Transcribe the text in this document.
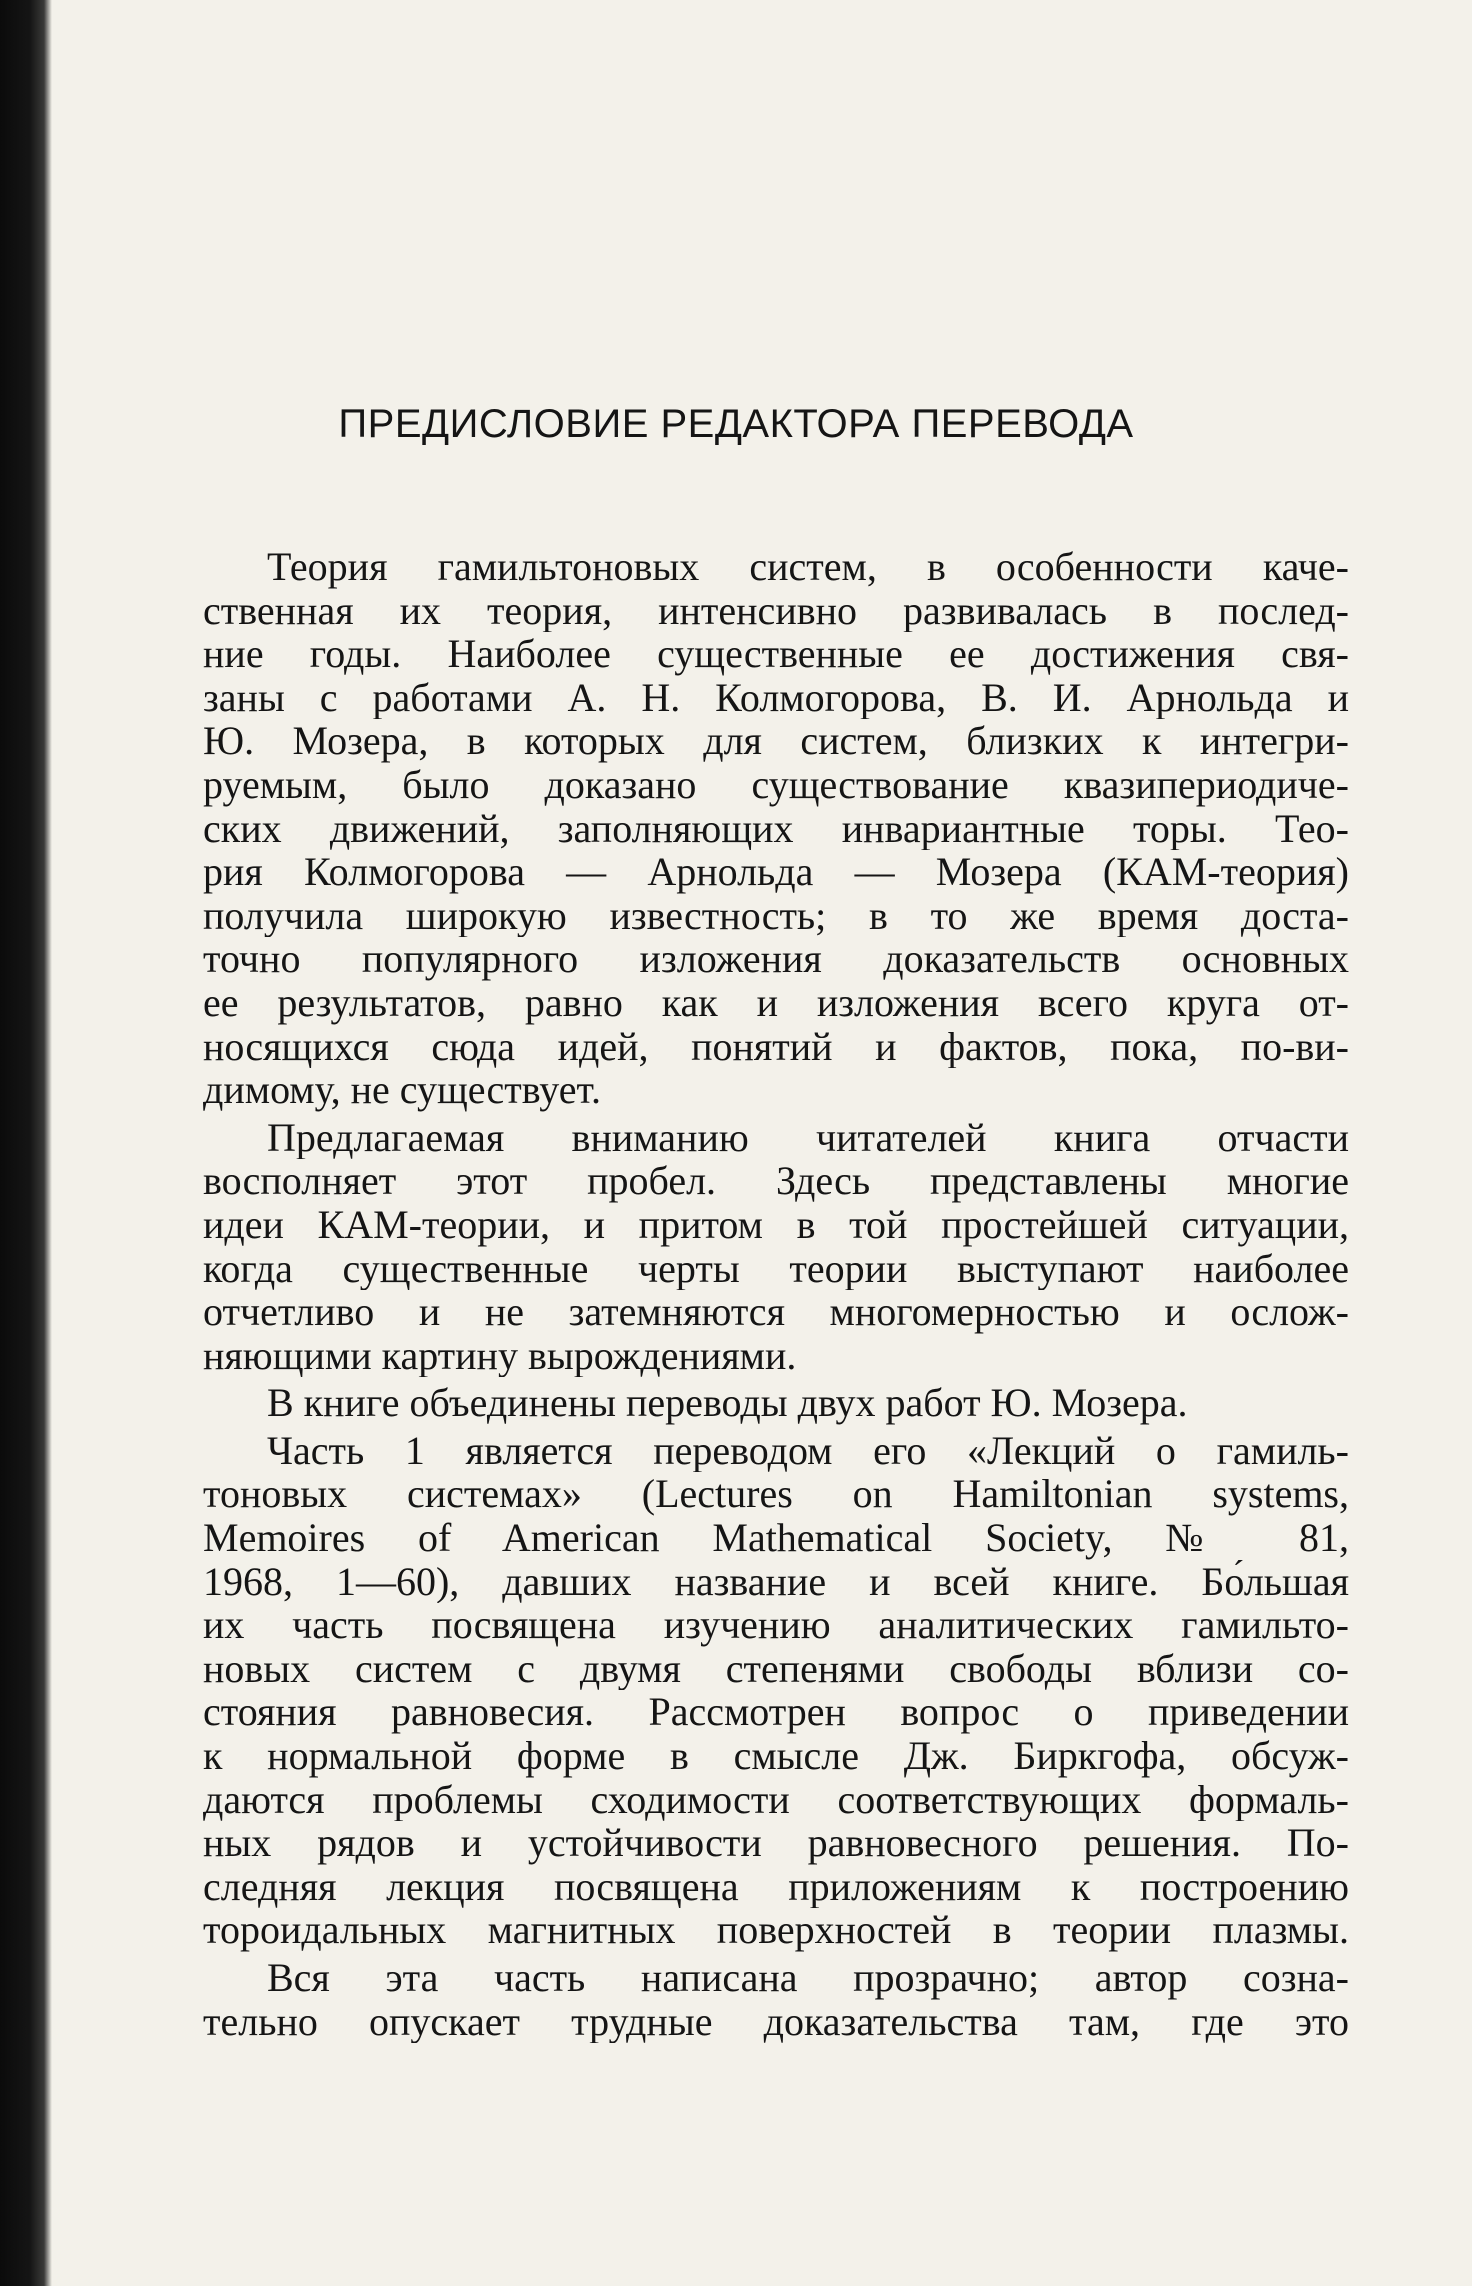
ПРЕДИСЛОВИЕ РЕДАКТОРА ПЕРЕВОДА
Теория гамильтоновых систем, в особенности каче-
ственная их теория, интенсивно развивалась в послед-
ние годы. Наиболее существенные ее достижения свя-
заны с работами А. Н. Колмогорова, В. И. Арнольда и
Ю. Мозера, в которых для систем, близких к интегри-
руемым, было доказано существование квазипериодиче-
ских движений, заполняющих инвариантные торы. Тео-
рия Колмогорова — Арнольда — Мозера (КАМ-теория)
получила широкую известность; в то же время доста-
точно популярного изложения доказательств основных
ее результатов, равно как и изложения всего круга от-
носящихся сюда идей, понятий и фактов, пока, по-ви-
димому, не существует.
Предлагаемая вниманию читателей книга отчасти
восполняет этот пробел. Здесь представлены многие
идеи КАМ-теории, и притом в той простейшей ситуации,
когда существенные черты теории выступают наиболее
отчетливо и не затемняются многомерностью и ослож-
няющими картину вырождениями.
В книге объединены переводы двух работ Ю. Мозера.
Часть 1 является переводом его «Лекций о гамиль-
тоновых системах» (Lectures on Hamiltonian systems,
Memoires of American Mathematical Society, № 81,
1968, 1—60), давших название и всей книге. Бо́льшая
их часть посвящена изучению аналитических гамильто-
новых систем с двумя степенями свободы вблизи со-
стояния равновесия. Рассмотрен вопрос о приведении
к нормальной форме в смысле Дж. Биркгофа, обсуж-
даются проблемы сходимости соответствующих формаль-
ных рядов и устойчивости равновесного решения. По-
следняя лекция посвящена приложениям к построению
тороидальных магнитных поверхностей в теории плазмы.
Вся эта часть написана прозрачно; автор созна-
тельно опускает трудные доказательства там, где это
